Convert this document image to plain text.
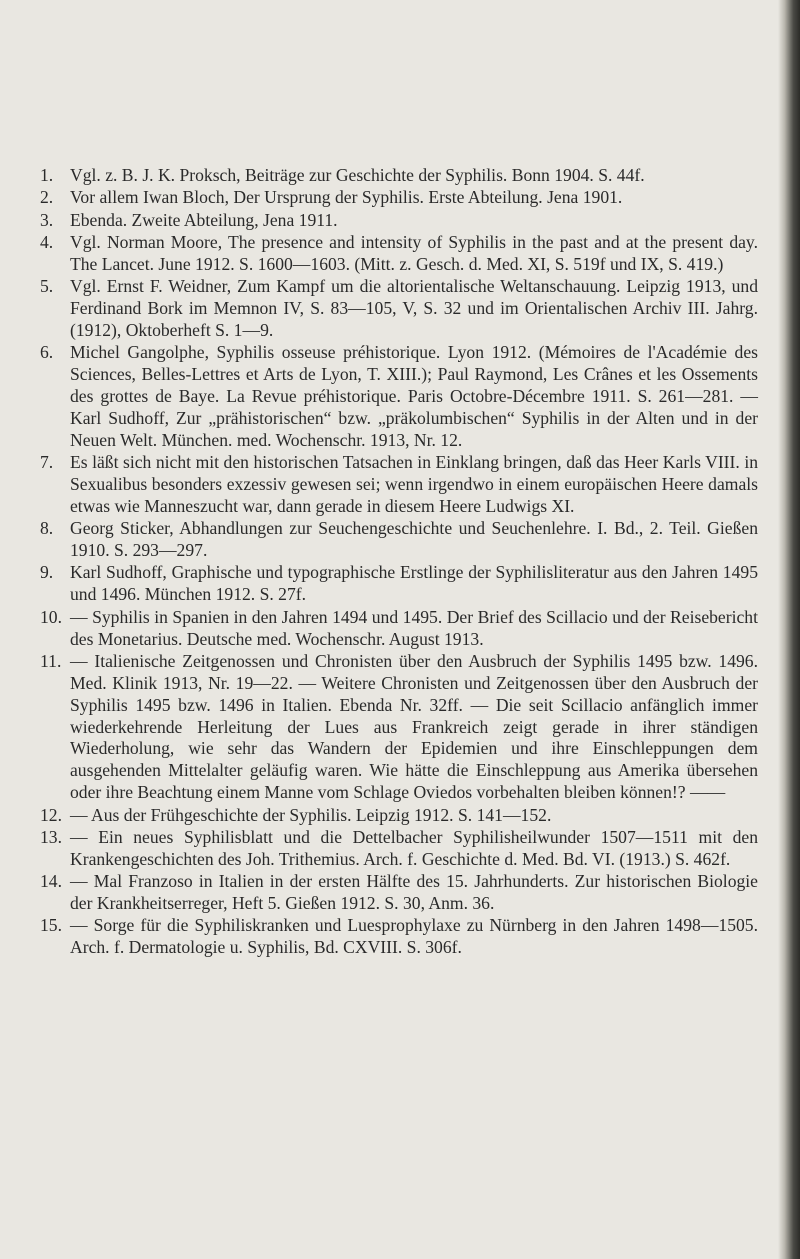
1. Vgl. z. B. J. K. Proksch, Beiträge zur Geschichte der Syphilis. Bonn 1904. S. 44f.
2. Vor allem Iwan Bloch, Der Ursprung der Syphilis. Erste Abteilung. Jena 1901.
3. Ebenda. Zweite Abteilung, Jena 1911.
4. Vgl. Norman Moore, The presence and intensity of Syphilis in the past and at the present day. The Lancet. June 1912. S. 1600—1603. (Mitt. z. Gesch. d. Med. XI, S. 519f und IX, S. 419.)
5. Vgl. Ernst F. Weidner, Zum Kampf um die altorientalische Weltanschauung. Leipzig 1913, und Ferdinand Bork im Memnon IV, S. 83—105, V, S. 32 und im Orientalischen Archiv III. Jahrg. (1912), Oktoberheft S. 1—9.
6. Michel Gangolphe, Syphilis osseuse préhistorique. Lyon 1912. (Mémoires de l'Académie des Sciences, Belles-Lettres et Arts de Lyon, T. XIII.); Paul Raymond, Les Crânes et les Ossements des grottes de Baye. La Revue préhistorique. Paris Octobre-Décembre 1911. S. 261—281. — Karl Sudhoff, Zur „prähistorischen“ bzw. „präkolumbischen“ Syphilis in der Alten und in der Neuen Welt. München. med. Wochenschr. 1913, Nr. 12.
7. Es läßt sich nicht mit den historischen Tatsachen in Einklang bringen, daß das Heer Karls VIII. in Sexualibus besonders exzessiv gewesen sei; wenn irgendwo in einem europäischen Heere damals etwas wie Manneszucht war, dann gerade in diesem Heere Ludwigs XI.
8. Georg Sticker, Abhandlungen zur Seuchengeschichte und Seuchenlehre. I. Bd., 2. Teil. Gießen 1910. S. 293—297.
9. Karl Sudhoff, Graphische und typographische Erstlinge der Syphilisliteratur aus den Jahren 1495 und 1496. München 1912. S. 27f.
10. — Syphilis in Spanien in den Jahren 1494 und 1495. Der Brief des Scillacio und der Reisebericht des Monetarius. Deutsche med. Wochenschr. August 1913.
11. — Italienische Zeitgenossen und Chronisten über den Ausbruch der Syphilis 1495 bzw. 1496. Med. Klinik 1913, Nr. 19—22. — Weitere Chronisten und Zeitgenossen über den Ausbruch der Syphilis 1495 bzw. 1496 in Italien. Ebenda Nr. 32ff. — Die seit Scillacio anfänglich immer wiederkehrende Herleitung der Lues aus Frankreich zeigt gerade in ihrer ständigen Wiederholung, wie sehr das Wandern der Epidemien und ihre Einschleppungen dem ausgehenden Mittelalter geläufig waren. Wie hätte die Einschleppung aus Amerika übersehen oder ihre Beachtung einem Manne vom Schlage Oviedos vorbehalten bleiben können!? ——
12. — Aus der Frühgeschichte der Syphilis. Leipzig 1912. S. 141—152.
13. — Ein neues Syphilisblatt und die Dettelbacher Syphilisheilwunder 1507—1511 mit den Krankengeschichten des Joh. Trithemius. Arch. f. Geschichte d. Med. Bd. VI. (1913.) S. 462f.
14. — Mal Franzoso in Italien in der ersten Hälfte des 15. Jahrhunderts. Zur historischen Biologie der Krankheitserreger, Heft 5. Gießen 1912. S. 30, Anm. 36.
15. — Sorge für die Syphiliskranken und Luesprophylaxe zu Nürnberg in den Jahren 1498—1505. Arch. f. Dermatologie u. Syphilis, Bd. CXVIII. S. 306f.
